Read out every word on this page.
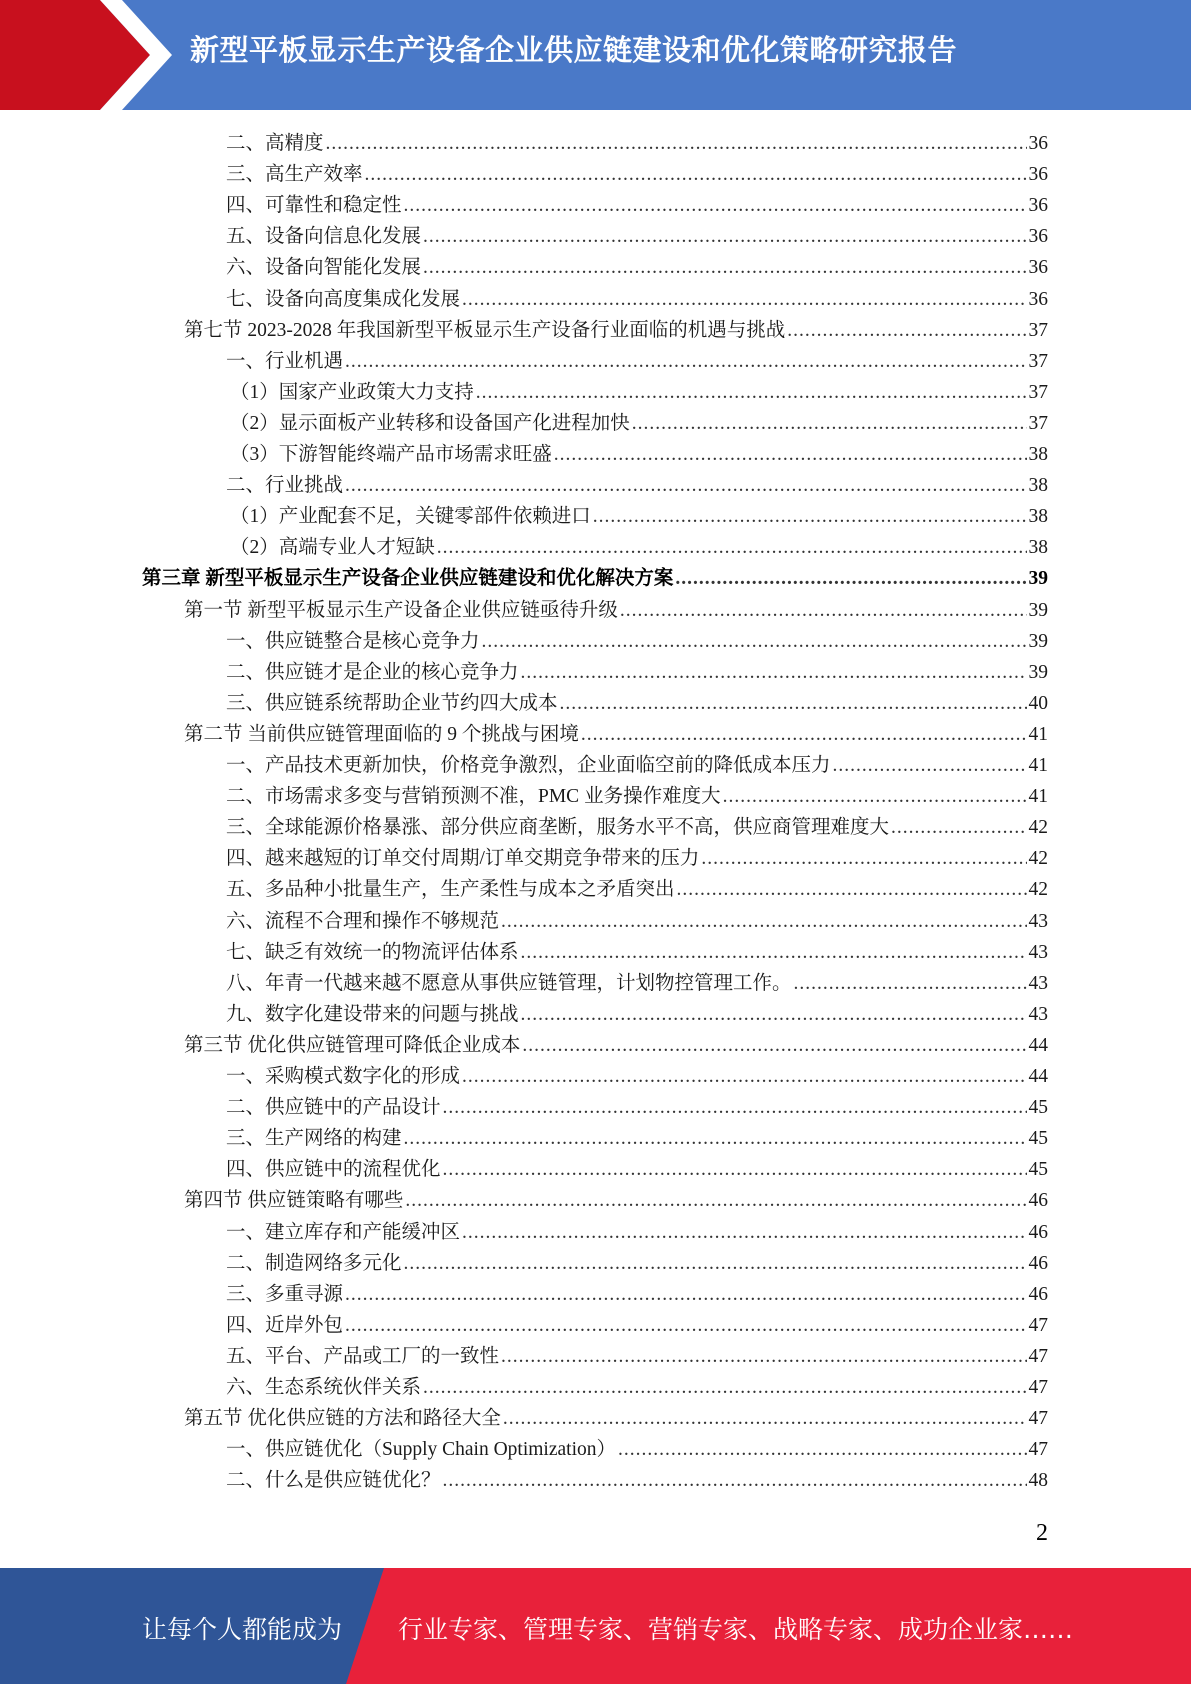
新型平板显示生产设备企业供应链建设和优化策略研究报告
二、高精度 .....	36
三、高生产效率 .....	36
四、可靠性和稳定性 .....	36
五、设备向信息化发展 .....	36
六、设备向智能化发展 .....	36
七、设备向高度集成化发展 .....	36
第七节 2023-2028 年我国新型平板显示生产设备行业面临的机遇与挑战 .....	37
一、行业机遇 .....	37
（1）国家产业政策大力支持 .....	37
（2）显示面板产业转移和设备国产化进程加快 .....	37
（3）下游智能终端产品市场需求旺盛 .....	38
二、行业挑战 .....	38
（1）产业配套不足，关键零部件依赖进口 .....	38
（2）高端专业人才短缺 .....	38
第三章 新型平板显示生产设备企业供应链建设和优化解决方案 .....	39
第一节 新型平板显示生产设备企业供应链亟待升级 .....	39
一、供应链整合是核心竞争力 .....	39
二、供应链才是企业的核心竞争力 .....	39
三、供应链系统帮助企业节约四大成本 .....	40
第二节 当前供应链管理面临的 9 个挑战与困境 .....	41
一、产品技术更新加快，价格竞争激烈，企业面临空前的降低成本压力 .....	41
二、市场需求多变与营销预测不准，PMC 业务操作难度大 .....	41
三、全球能源价格暴涨、部分供应商垄断，服务水平不高，供应商管理难度大 .....	42
四、越来越短的订单交付周期/订单交期竞争带来的压力 .....	42
五、多品种小批量生产，生产柔性与成本之矛盾突出 .....	42
六、流程不合理和操作不够规范 .....	43
七、缺乏有效统一的物流评估体系 .....	43
八、年青一代越来越不愿意从事供应链管理，计划物控管理工作。 .....	43
九、数字化建设带来的问题与挑战 .....	43
第三节 优化供应链管理可降低企业成本 .....	44
一、采购模式数字化的形成 .....	44
二、供应链中的产品设计 .....	45
三、生产网络的构建 .....	45
四、供应链中的流程优化 .....	45
第四节 供应链策略有哪些 .....	46
一、建立库存和产能缓冲区 .....	46
二、制造网络多元化 .....	46
三、多重寻源 .....	46
四、近岸外包 .....	47
五、平台、产品或工厂的一致性 .....	47
六、生态系统伙伴关系 .....	47
第五节 优化供应链的方法和路径大全 .....	47
一、供应链优化（Supply Chain Optimization） .....	47
二、什么是供应链优化？ .....	48
2
让每个人都能成为 行业专家、管理专家、营销专家、战略专家、成功企业家……
